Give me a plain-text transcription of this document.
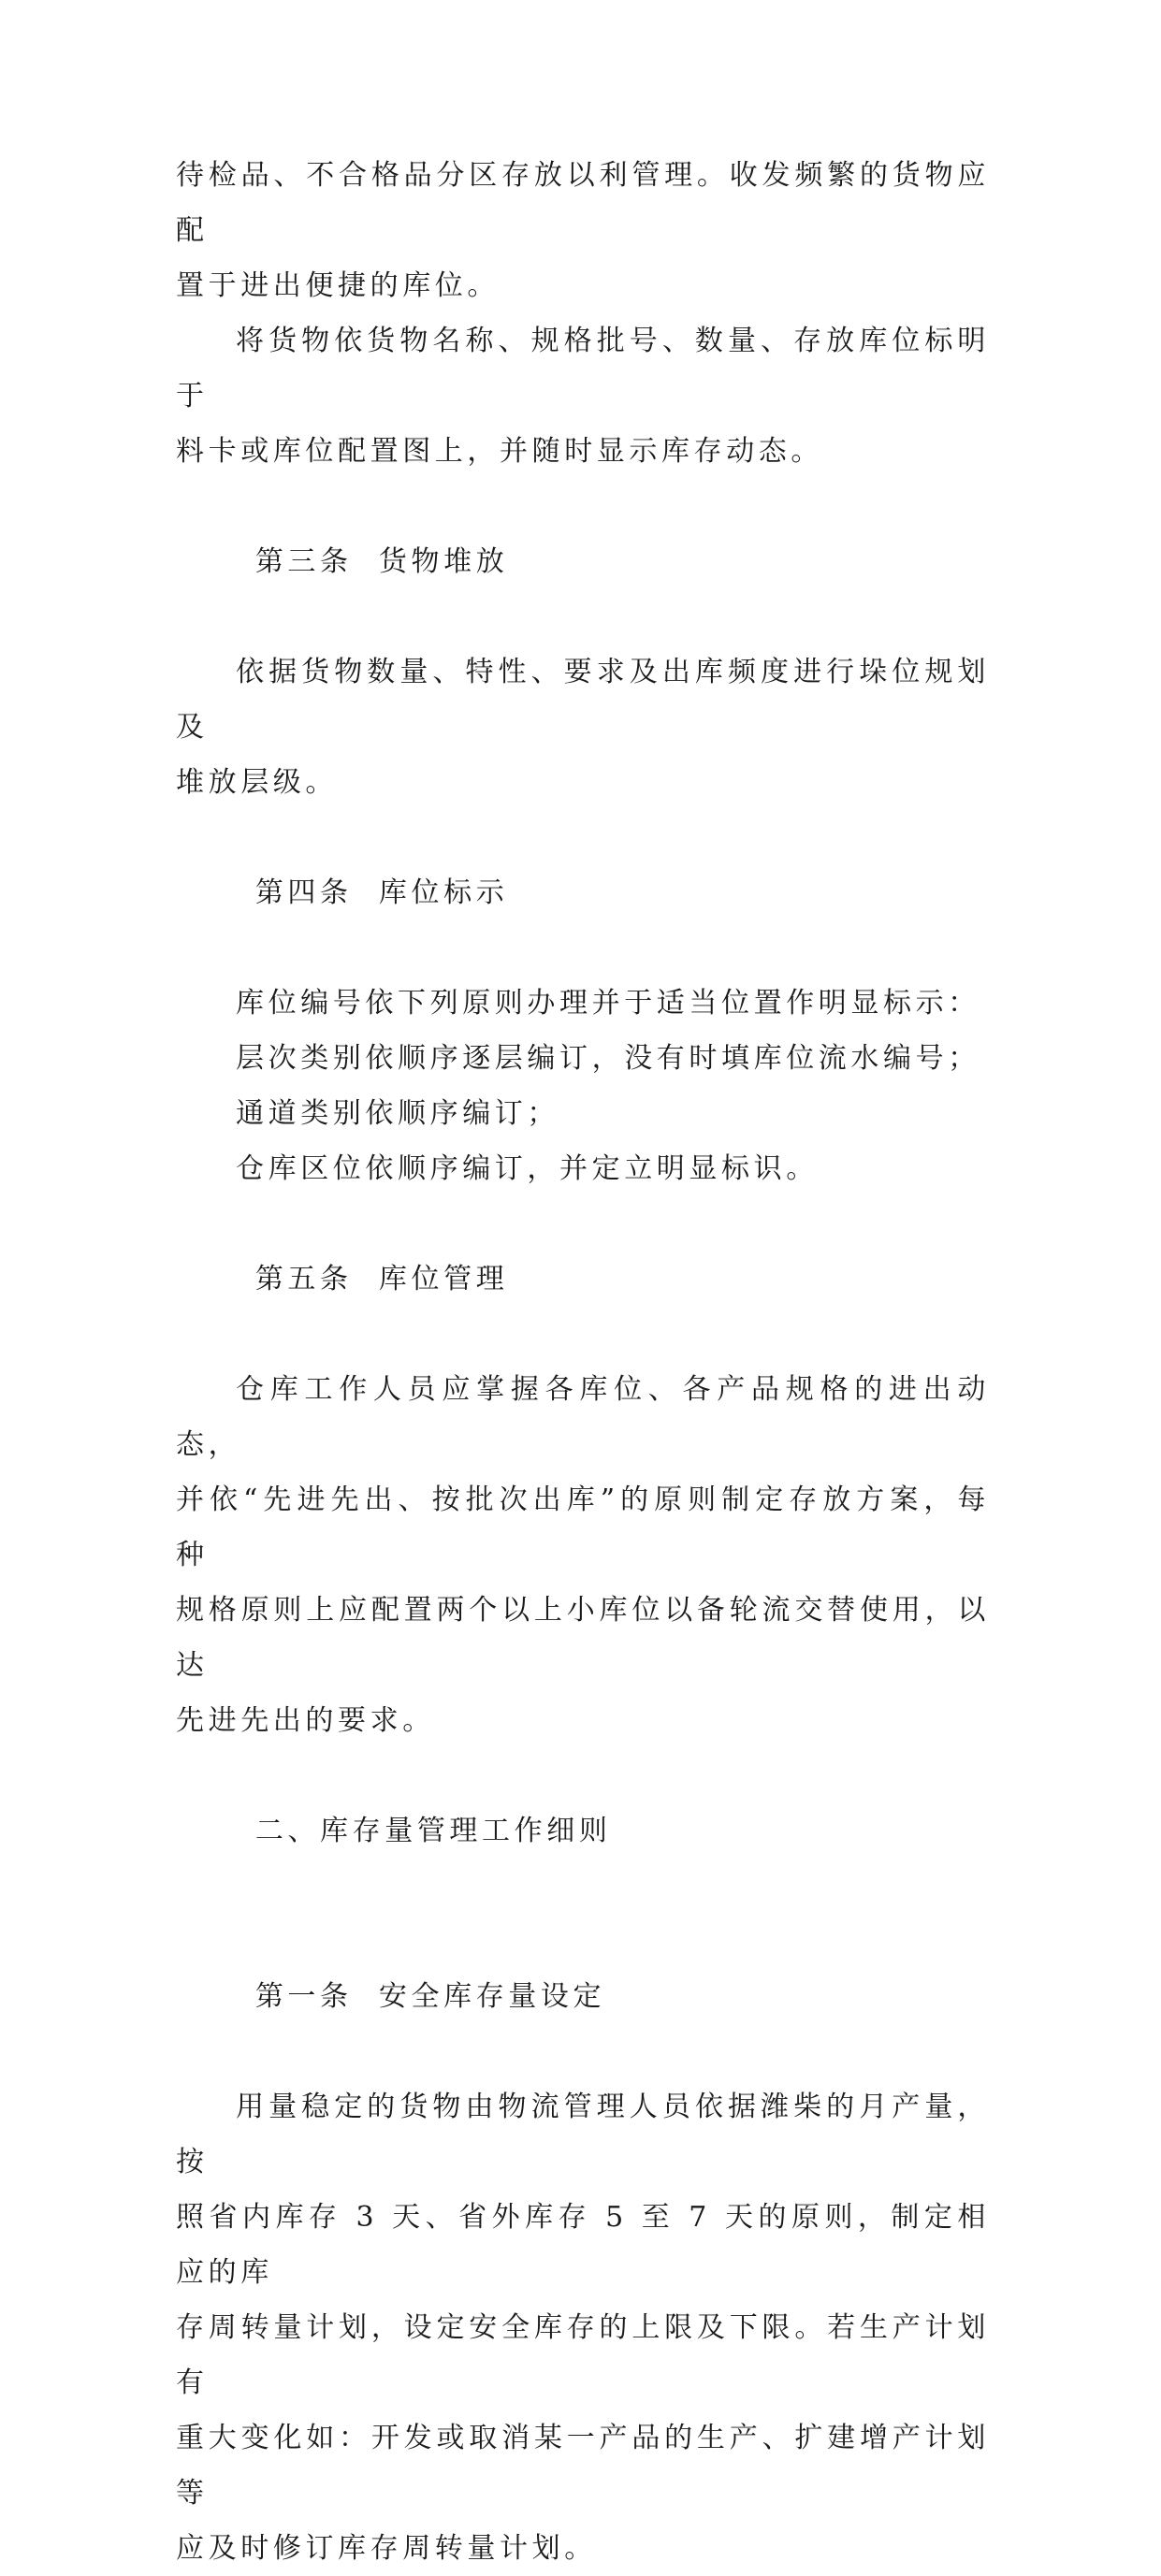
待检品、不合格品分区存放以利管理。收发频繁的货物应配
置于进出便捷的库位。

将货物依货物名称、规格批号、数量、存放库位标明于
料卡或库位配置图上，并随时显示库存动态。

第三条  货物堆放

依据货物数量、特性、要求及出库频度进行垛位规划及
堆放层级。

第四条  库位标示

库位编号依下列原则办理并于适当位置作明显标示：

层次类别依顺序逐层编订，没有时填库位流水编号；

通道类别依顺序编订；

仓库区位依顺序编订，并定立明显标识。

第五条  库位管理

仓库工作人员应掌握各库位、各产品规格的进出动态，
并依“先进先出、按批次出库”的原则制定存放方案，每种
规格原则上应配置两个以上小库位以备轮流交替使用，以达
先进先出的要求。

二、库存量管理工作细则

第一条  安全库存量设定

用量稳定的货物由物流管理人员依据潍柴的月产量，按
照省内库存 3 天、省外库存 5 至 7 天的原则，制定相应的库
存周转量计划，设定安全库存的上限及下限。若生产计划有
重大变化如：开发或取消某一产品的生产、扩建增产计划等
应及时修订库存周转量计划。
